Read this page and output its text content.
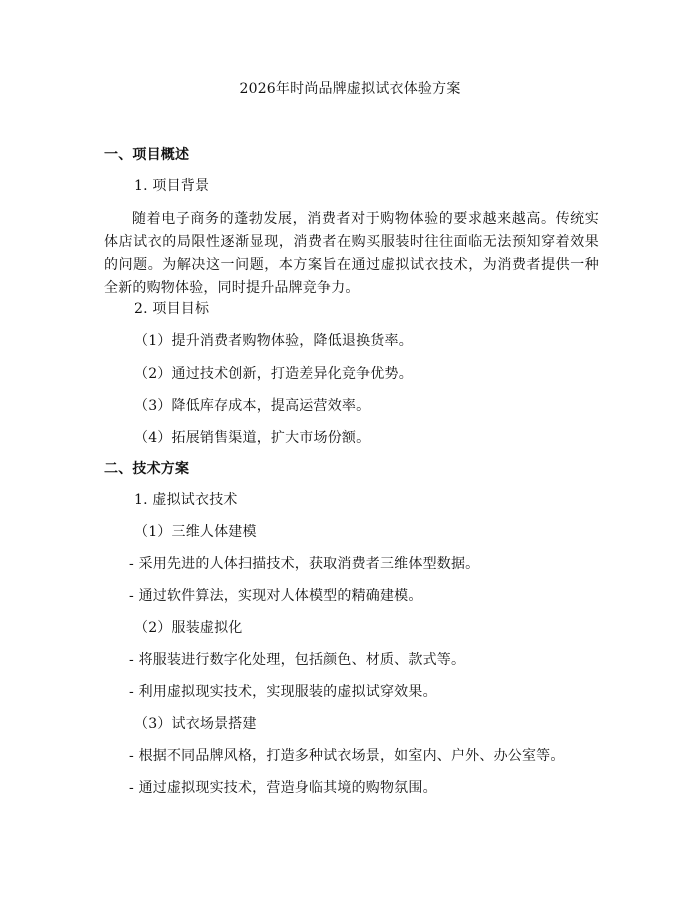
2026年时尚品牌虚拟试衣体验方案
一、项目概述
1. 项目背景
随着电子商务的蓬勃发展，消费者对于购物体验的要求越来越高。传统实体店试衣的局限性逐渐显现，消费者在购买服装时往往面临无法预知穿着效果的问题。为解决这一问题，本方案旨在通过虚拟试衣技术，为消费者提供一种全新的购物体验，同时提升品牌竞争力。
2. 项目目标
（1）提升消费者购物体验，降低退换货率。
（2）通过技术创新，打造差异化竞争优势。
（3）降低库存成本，提高运营效率。
（4）拓展销售渠道，扩大市场份额。
二、技术方案
1. 虚拟试衣技术
（1）三维人体建模
- 采用先进的人体扫描技术，获取消费者三维体型数据。
- 通过软件算法，实现对人体模型的精确建模。
（2）服装虚拟化
- 将服装进行数字化处理，包括颜色、材质、款式等。
- 利用虚拟现实技术，实现服装的虚拟试穿效果。
（3）试衣场景搭建
- 根据不同品牌风格，打造多种试衣场景，如室内、户外、办公室等。
- 通过虚拟现实技术，营造身临其境的购物氛围。
